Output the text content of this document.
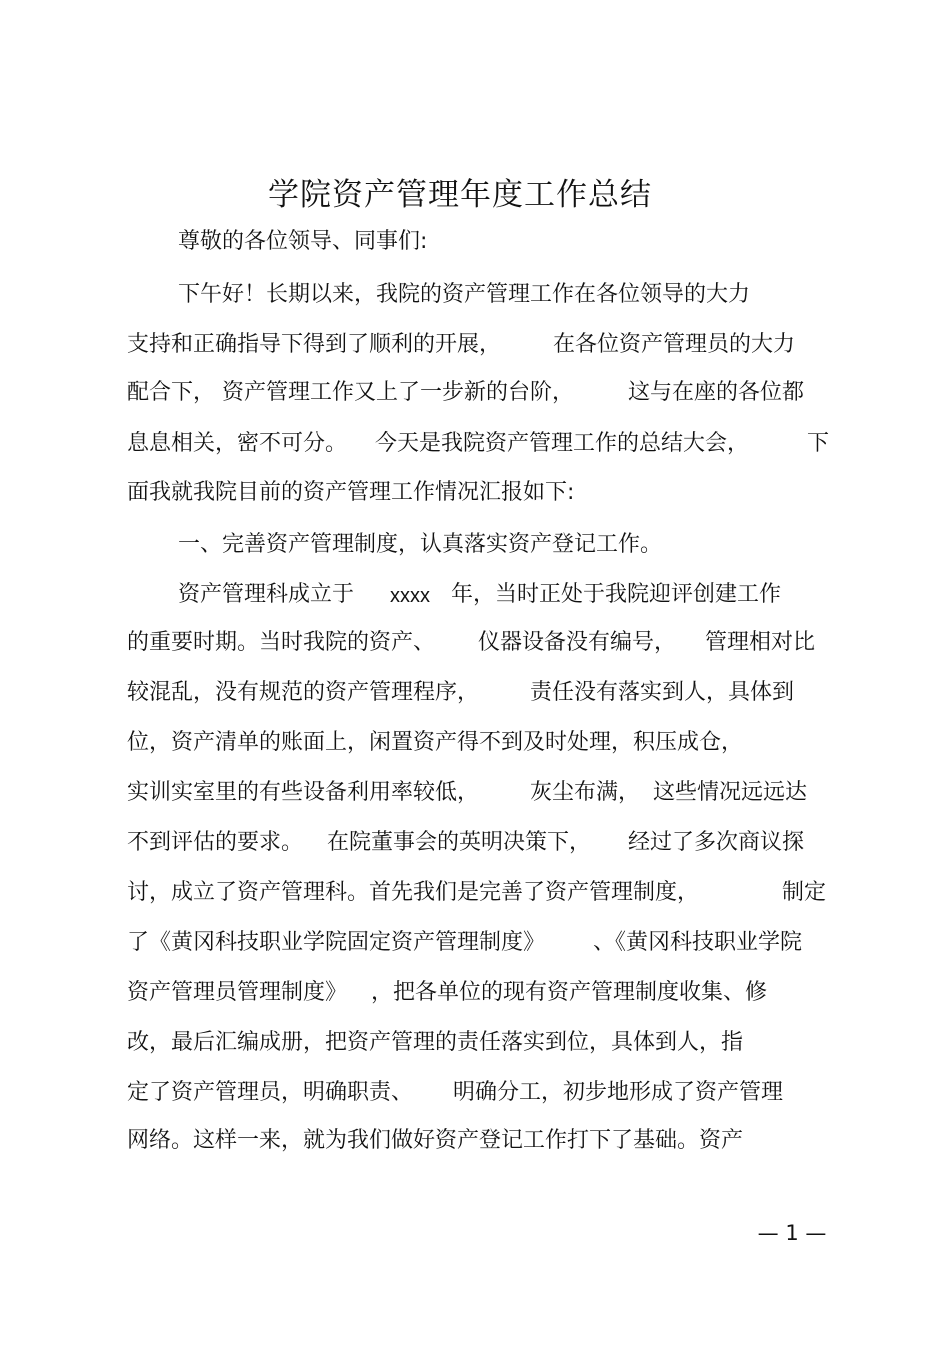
学院资产管理年度工作总结
尊敬的各位领导、同事们:
下午好！长期以来，我院的资产管理工作在各位领导的大力
支持和正确指导下得到了顺利的开展， 在各位资产管理员的大力
配合下， 资产管理工作又上了一步新的台阶， 这与在座的各位都
息息相关，密不可分。 今天是我院资产管理工作的总结大会，	下
面我就我院目前的资产管理工作情况汇报如下:
一、完善资产管理制度，认真落实资产登记工作。
资产管理科成立于 xxxx 年，当时正处于我院迎评创建工作
的重要时期。当时我院的资产、 仪器设备没有编号， 管理相对比
较混乱，没有规范的资产管理程序， 责任没有落实到人，具体到
位，资产清单的账面上，闲置资产得不到及时处理，积压成仓，
实训实室里的有些设备利用率较低， 灰尘布满， 这些情况远远达
不到评估的要求。 在院董事会的英明决策下， 经过了多次商议探
讨，成立了资产管理科。首先我们是完善了资产管理制度，	制定
了《黄冈科技职业学院固定资产管理制度》 、《黄冈科技职业学院
资产管理员管理制度》 ，把各单位的现有资产管理制度收集、修
改，最后汇编成册，把资产管理的责任落实到位，具体到人，指
定了资产管理员，明确职责、 明确分工，初步地形成了资产管理
网络。这样一来，就为我们做好资产登记工作打下了基础。资产
— 1 —
